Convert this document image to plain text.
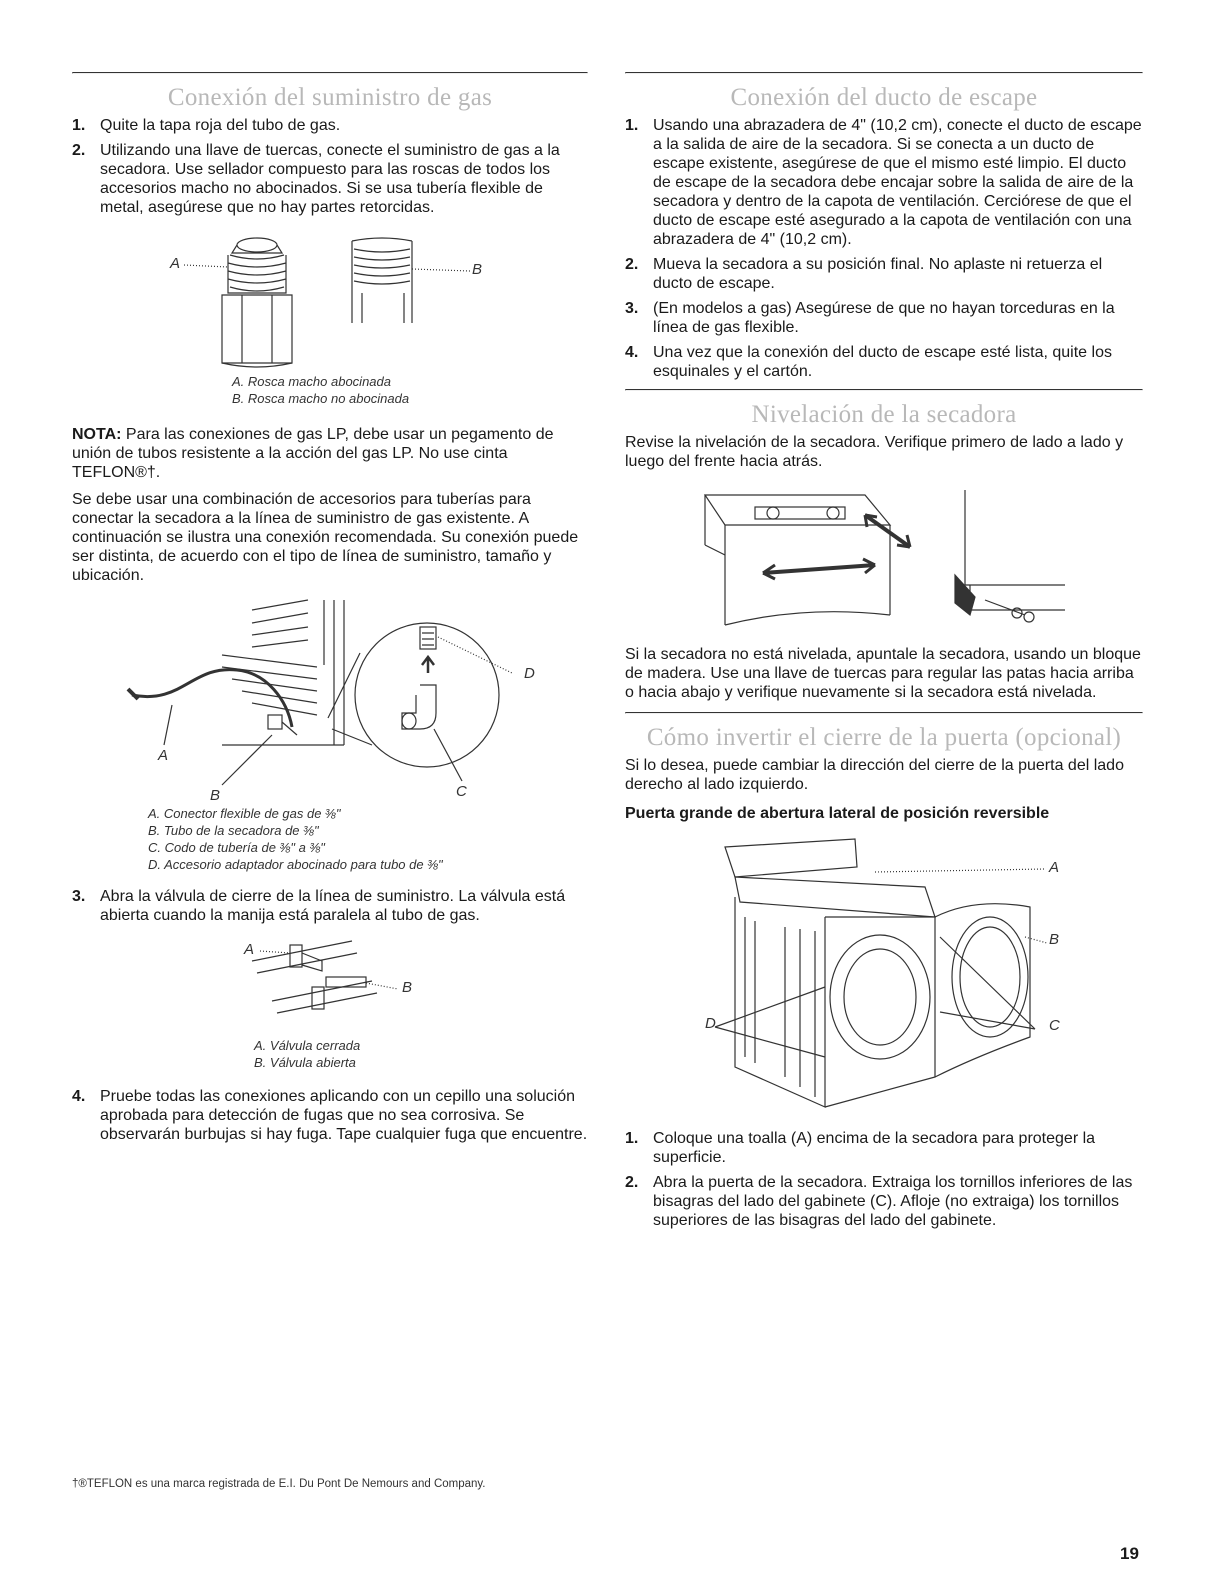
Conexión del suministro de gas
1. Quite la tapa roja del tubo de gas.
2. Utilizando una llave de tuercas, conecte el suministro de gas a la secadora. Use sellador compuesto para las roscas de todos los accesorios macho no abocinados. Si se usa tubería flexible de metal, asegúrese que no hay partes retorcidas.
A	B
A. Rosca macho abocinada
B. Rosca macho no abocinada

NOTA: Para las conexiones de gas LP, debe usar un pegamento de unión de tubos resistente a la acción del gas LP. No use cinta TEFLON®†.

Se debe usar una combinación de accesorios para tuberías para conectar la secadora a la línea de suministro de gas existente. A continuación se ilustra una conexión recomendada. Su conexión puede ser distinta, de acuerdo con el tipo de línea de suministro, tamaño y ubicación.

A
B	C
D
A. Conector flexible de gas de ⅜"
B. Tubo de la secadora de ⅜"
C. Codo de tubería de ⅜" a ⅜"
D. Accesorio adaptador abocinado para tubo de ⅜"
3. Abra la válvula de cierre de la línea de suministro. La válvula está abierta cuando la manija está paralela al tubo de gas.
A
B
A. Válvula cerrada
B. Válvula abierta
4. Pruebe todas las conexiones aplicando con un cepillo una solución aprobada para detección de fugas que no sea corrosiva. Se observarán burbujas si hay fuga. Tape cualquier fuga que encuentre.
Conexión del ducto de escape
1. Usando una abrazadera de 4" (10,2 cm), conecte el ducto de escape a la salida de aire de la secadora. Si se conecta a un ducto de escape existente, asegúrese de que el mismo esté limpio. El ducto de escape de la secadora debe encajar sobre la salida de aire de la secadora y dentro de la capota de ventilación. Cerciórese de que el ducto de escape esté asegurado a la capota de ventilación con una abrazadera de 4" (10,2 cm).
2. Mueva la secadora a su posición final. No aplaste ni retuerza el ducto de escape.
3. (En modelos a gas) Asegúrese de que no hayan torceduras en la línea de gas flexible.
4. Una vez que la conexión del ducto de escape esté lista, quite los esquinales y el cartón.
Nivelación de la secadora

Revise la nivelación de la secadora. Verifique primero de lado a lado y luego del frente hacia atrás.

Si la secadora no está nivelada, apuntale la secadora, usando un bloque de madera. Use una llave de tuercas para regular las patas hacia arriba o hacia abajo y verifique nuevamente si la secadora está nivelada.

Cómo invertir el cierre de la puerta (opcional)

Si lo desea, puede cambiar la dirección del cierre de la puerta del lado derecho al lado izquierdo.

Puerta grande de abertura lateral de posición reversible
A
B
C
D
1. Coloque una toalla (A) encima de la secadora para proteger la superficie.
2. Abra la puerta de la secadora. Extraiga los tornillos inferiores de las bisagras del lado del gabinete (C). Afloje (no extraiga) los tornillos superiores de las bisagras del lado del gabinete.
†®TEFLON es una marca registrada de E.I. Du Pont De Nemours and Company.
19
